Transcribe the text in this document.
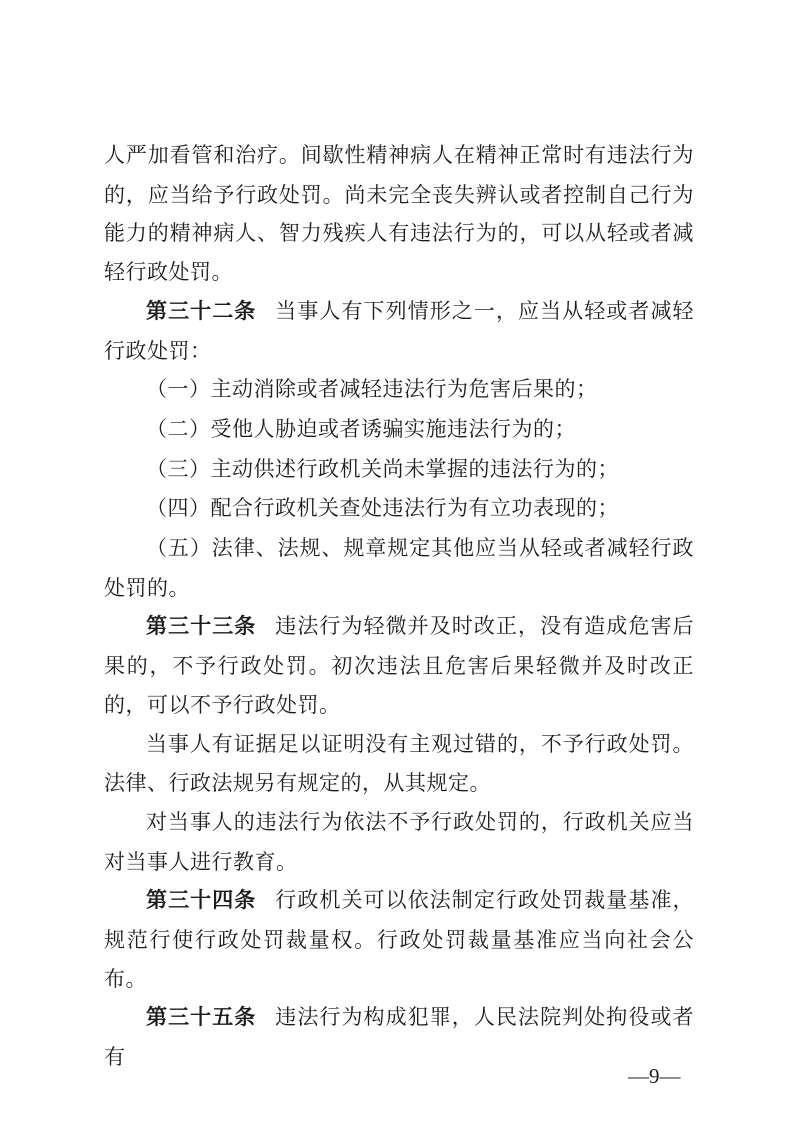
人严加看管和治疗。间歇性精神病人在精神正常时有违法行为的，应当给予行政处罚。尚未完全丧失辨认或者控制自己行为能力的精神病人、智力残疾人有违法行为的，可以从轻或者减轻行政处罚。

第三十二条 当事人有下列情形之一，应当从轻或者减轻行政处罚：

（一）主动消除或者减轻违法行为危害后果的；

（二）受他人胁迫或者诱骗实施违法行为的；

（三）主动供述行政机关尚未掌握的违法行为的；

（四）配合行政机关查处违法行为有立功表现的；

（五）法律、法规、规章规定其他应当从轻或者减轻行政处罚的。

第三十三条 违法行为轻微并及时改正，没有造成危害后果的，不予行政处罚。初次违法且危害后果轻微并及时改正的，可以不予行政处罚。

当事人有证据足以证明没有主观过错的，不予行政处罚。法律、行政法规另有规定的，从其规定。

对当事人的违法行为依法不予行政处罚的，行政机关应当对当事人进行教育。

第三十四条 行政机关可以依法制定行政处罚裁量基准，规范行使行政处罚裁量权。行政处罚裁量基准应当向社会公布。

第三十五条 违法行为构成犯罪，人民法院判处拘役或者有

—9—
